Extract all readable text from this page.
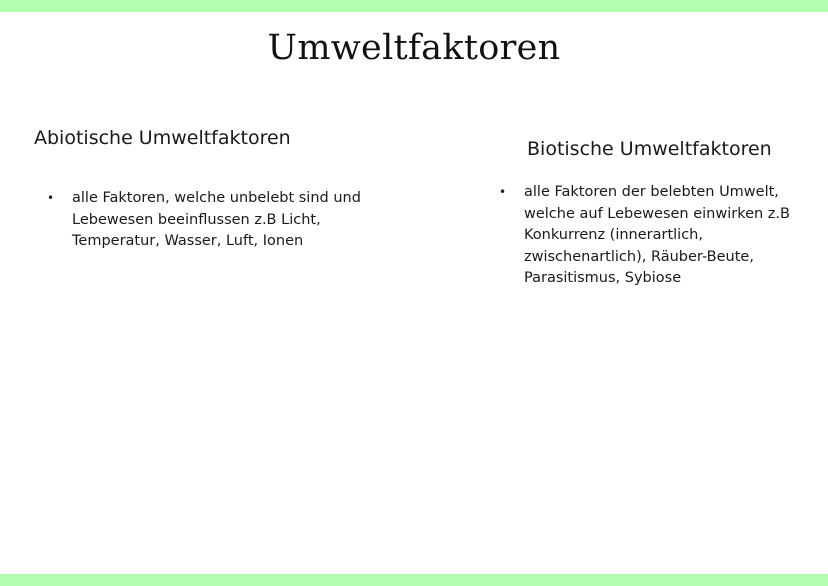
Umweltfaktoren
Abiotische Umweltfaktoren
• alle Faktoren, welche unbelebt sind und Lebewesen beeinflussen z.B Licht, Temperatur, Wasser, Luft, Ionen
Biotische Umweltfaktoren
• alle Faktoren der belebten Umwelt, welche auf Lebewesen einwirken z.B Konkurrenz (innerartlich, zwischenartlich), Räuber-Beute, Parasitismus, Sybiose
